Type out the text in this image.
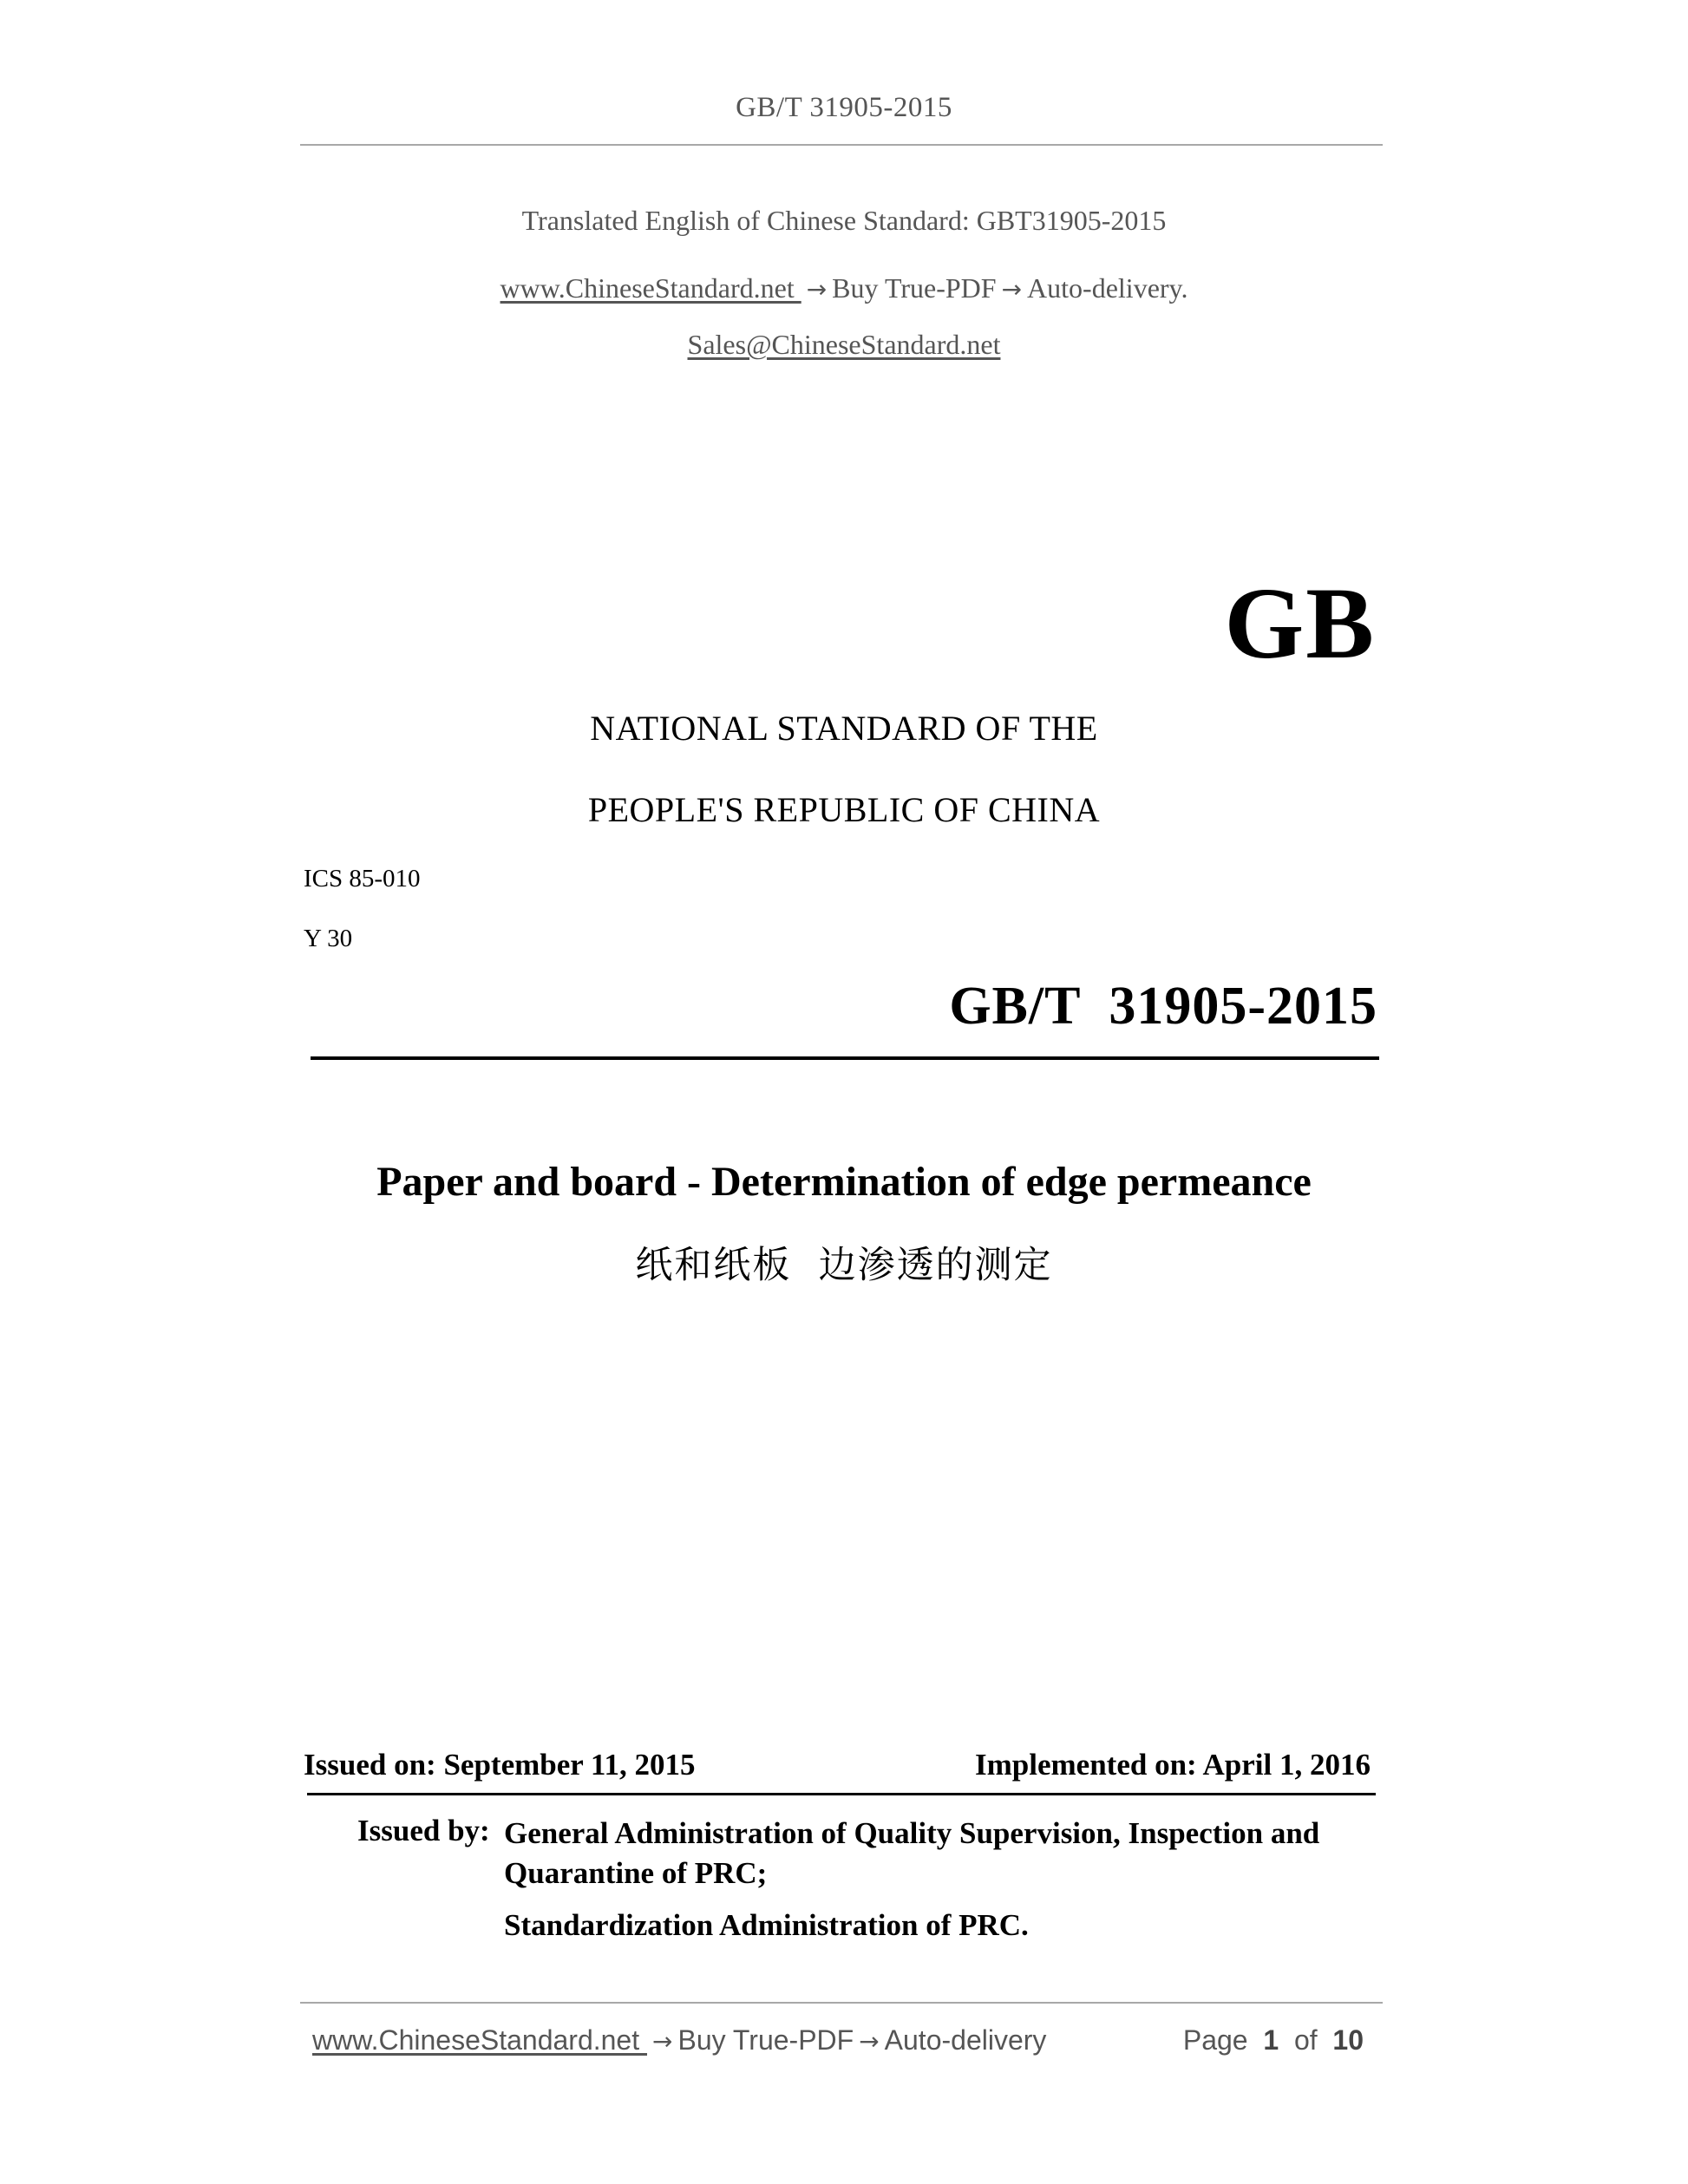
GB/T 31905-2015
Translated English of Chinese Standard: GBT31905-2015
www.ChineseStandard.net → Buy True-PDF → Auto-delivery.
Sales@ChineseStandard.net
GB
NATIONAL STANDARD OF THE
PEOPLE'S REPUBLIC OF CHINA
ICS 85-010
Y 30
GB/T  31905-2015
Paper and board - Determination of edge permeance
纸和纸板  边渗透的测定
Issued on: September 11, 2015	Implemented on: April 1, 2016
Issued by: General Administration of Quality Supervision, Inspection and Quarantine of PRC;
Standardization Administration of PRC.
www.ChineseStandard.net → Buy True-PDF → Auto-delivery	Page 1 of 10
